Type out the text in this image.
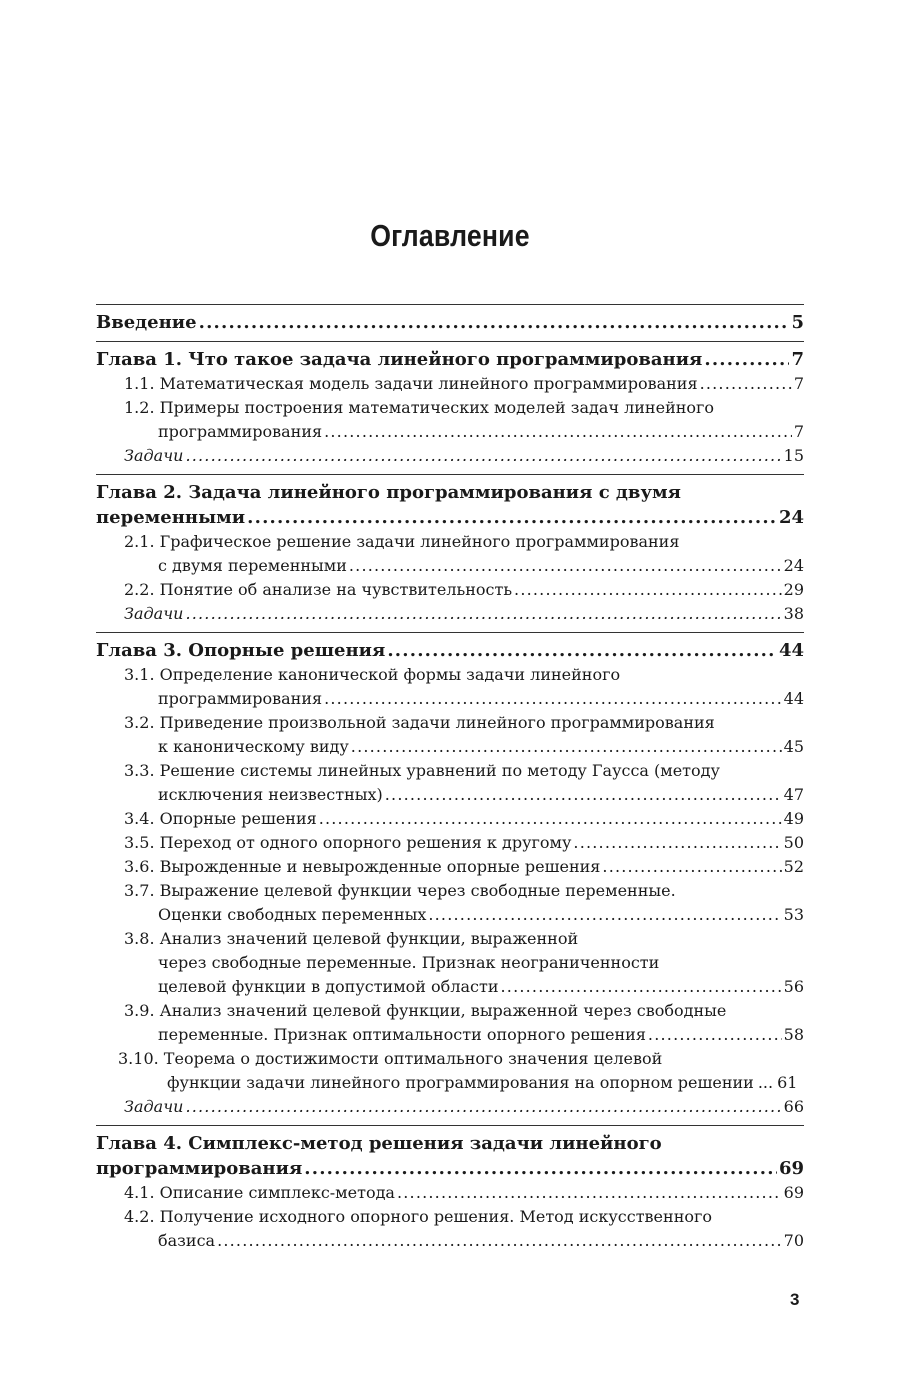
Оглавление
Введение .....	5
Глава 1. Что такое задача линейного программирования .....	7
1.1. Математическая модель задачи линейного программирования .....	7
1.2. Примеры построения математических моделей задач линейного
программирования .....	7
Задачи .....	15
Глава 2. Задача линейного программирования с двумя
переменными .....	24
2.1. Графическое решение задачи линейного программирования
с двумя переменными .....	24
2.2. Понятие об анализе на чувствительность .....	29
Задачи .....	38
Глава 3. Опорные решения .....	44
3.1. Определение канонической формы задачи линейного
программирования .....	44
3.2. Приведение произвольной задачи линейного программирования
к каноническому виду .....	45
3.3. Решение системы линейных уравнений по методу Гаусса (методу
исключения неизвестных) .....	47
3.4. Опорные решения .....	49
3.5. Переход от одного опорного решения к другому .....	50
3.6. Вырожденные и невырожденные опорные решения .....	52
3.7. Выражение целевой функции через свободные переменные.
Оценки свободных переменных .....	53
3.8. Анализ значений целевой функции, выраженной
через свободные переменные. Признак неограниченности
целевой функции в допустимой области .....	56
3.9. Анализ значений целевой функции, выраженной через свободные
переменные. Признак оптимальности опорного решения .....	58
3.10. Теорема о достижимости оптимального значения целевой
функции задачи линейного программирования на опорном решении ... 61
Задачи .....	66
Глава 4. Симплекс-метод решения задачи линейного
программирования .....	69
4.1. Описание симплекс-метода .....	69
4.2. Получение исходного опорного решения. Метод искусственного
базиса .....	70
3
